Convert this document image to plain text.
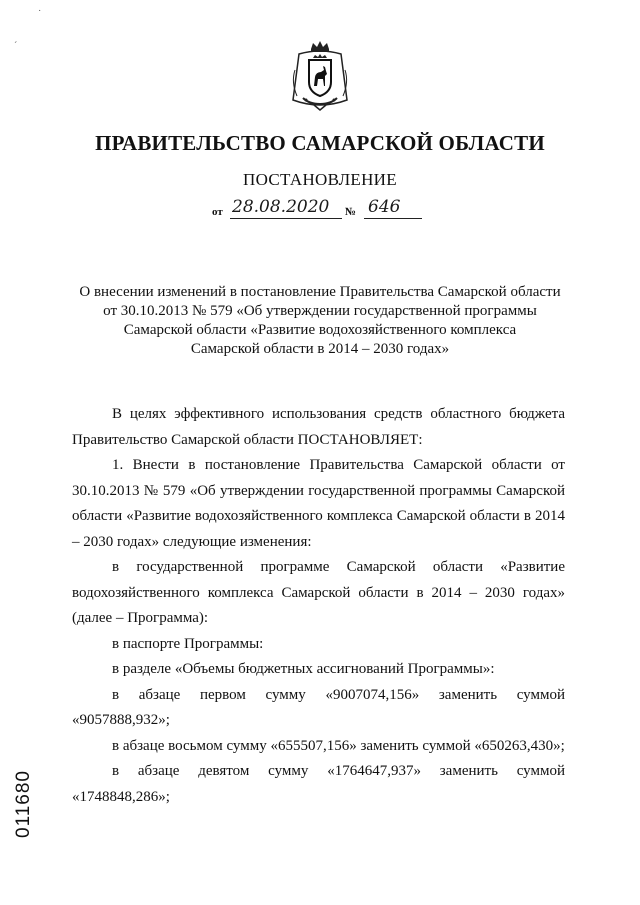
˙
ˊ
ПРАВИТЕЛЬСТВО САМАРСКОЙ ОБЛАСТИ
ПОСТАНОВЛЕНИЕ
от 28.08.2020 № 646
О внесении изменений в постановление Правительства Самарской области
от 30.10.2013 № 579 «Об утверждении государственной программы
Самарской области «Развитие водохозяйственного комплекса
Самарской области в 2014 – 2030 годах»

В целях эффективного использования средств областного бюджета Правительство Самарской области ПОСТАНОВЛЯЕТ:

1. Внести в постановление Правительства Самарской области от 30.10.2013 № 579 «Об утверждении государственной программы Самарской области «Развитие водохозяйственного комплекса Самарской области в 2014 – 2030 годах» следующие изменения:

в государственной программе Самарской области «Развитие водохозяйственного комплекса Самарской области в 2014 – 2030 годах» (далее – Программа):

в паспорте Программы:

в разделе «Объемы бюджетных ассигнований Программы»:

в абзаце первом сумму «9007074,156» заменить суммой «9057888,932»;

в абзаце восьмом сумму «655507,156» заменить суммой «650263,430»;

в абзаце девятом сумму «1764647,937» заменить суммой «1748848,286»;

011680
